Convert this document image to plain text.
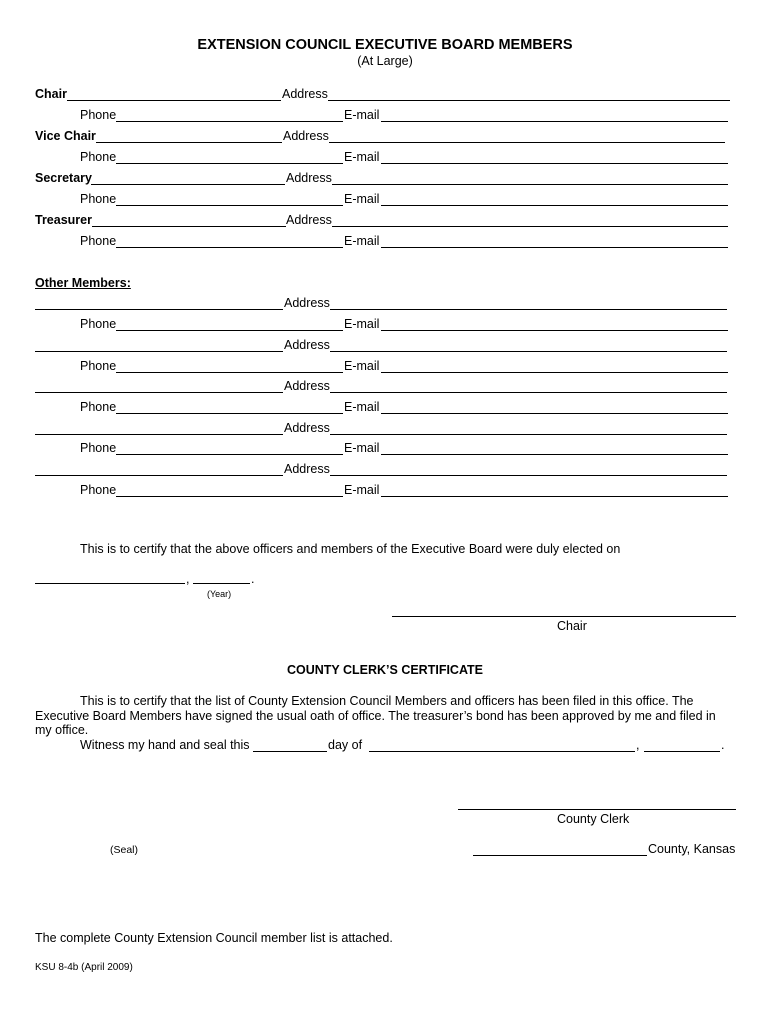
EXTENSION COUNCIL EXECUTIVE BOARD MEMBERS
(At Large)
Chair	Address
Phone	E-mail
Vice Chair	Address
Phone	E-mail
Secretary	Address
Phone	E-mail
Treasurer	Address
Phone	E-mail
Other Members:
Address
Phone	E-mail
Address
Phone	E-mail
Address
Phone	E-mail
Address
Phone	E-mail
Address
Phone	E-mail
This is to certify that the above officers and members of the Executive Board were duly elected on
,	.
(Year)
Chair
COUNTY CLERK’S CERTIFICATE
This is to certify that the list of County Extension Council Members and officers has been filed in this office. The Executive Board Members have signed the usual oath of office. The treasurer’s bond has been approved by me and filed in my office.
Witness my hand and seal this	day of	,	.
County Clerk
(Seal)	County, Kansas
The complete County Extension Council member list is attached.
KSU 8-4b (April 2009)
